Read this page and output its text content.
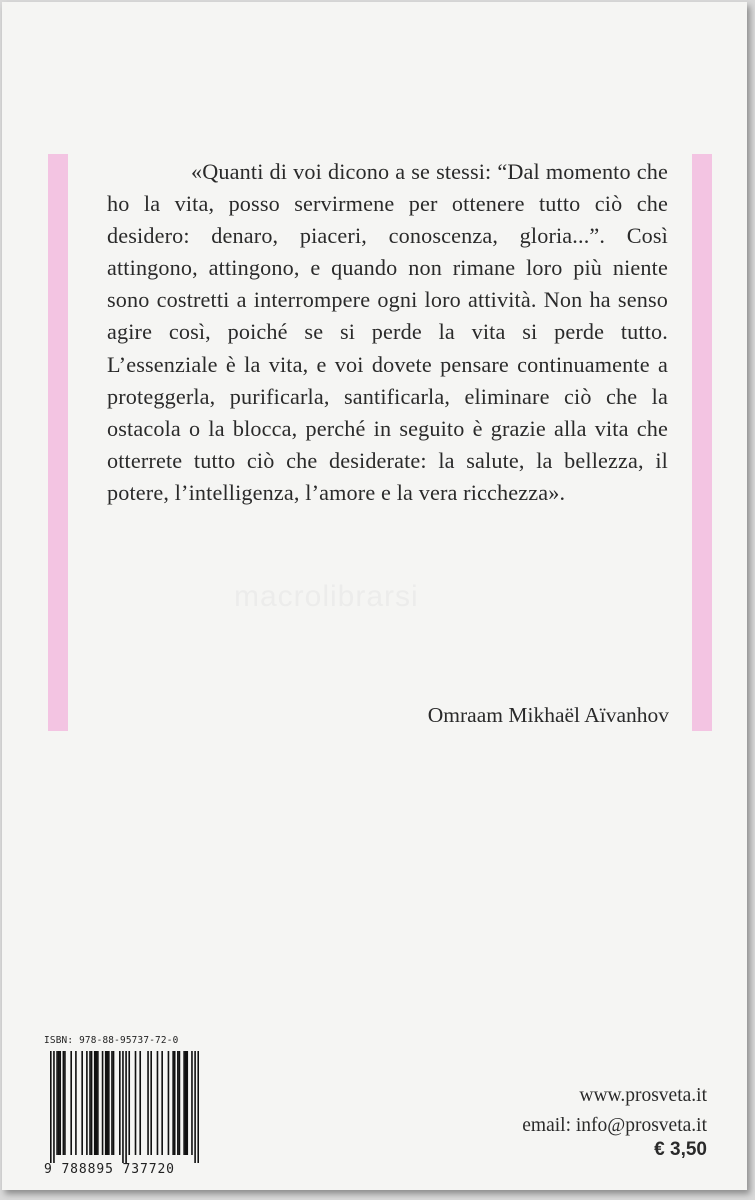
«Quanti di voi dicono a se stessi: “Dal momento che ho la vita, posso servirmene per ottenere tutto ciò che desidero: denaro, piaceri, conoscenza, gloria...”. Così attingono, attingono, e quando non rimane loro più niente sono costretti a interrompere ogni loro attività. Non ha senso agire così, poiché se si perde la vita si perde tutto. L’essenziale è la vita, e voi dovete pensare continuamente a proteggerla, purificarla, santificarla, eliminare ciò che la ostacola o la blocca, perché in seguito è grazie alla vita che otterrete tutto ciò che desiderate: la salute, la bellezza, il potere, l’intelligenza, l’amore e la vera ricchezza».

macrolibrarsi

Omraam Mikhaël Aïvanhov

ISBN: 978-88-95737-72-0
9 788895 737720
www.prosveta.it
email: info@prosveta.it
€ 3,50
